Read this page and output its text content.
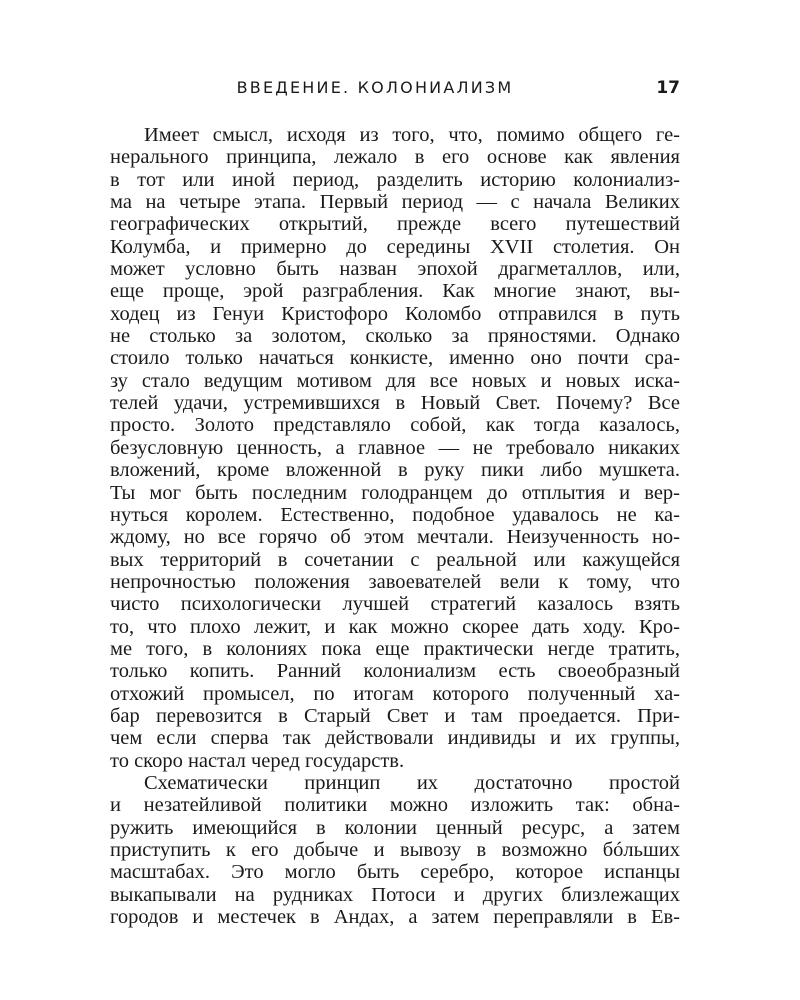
ВВЕДЕНИЕ. КОЛОНИАЛИЗМ	17
Имеет смысл, исходя из того, что, помимо общего ге-
нерального принципа, лежало в его основе как явления
в тот или иной период, разделить историю колониализ-
ма на четыре этапа. Первый период — с начала Великих
географических открытий, прежде всего путешествий
Колумба, и примерно до середины XVII столетия. Он
может условно быть назван эпохой драгметаллов, или,
еще проще, эрой разграбления. Как многие знают, вы-
ходец из Генуи Кристофоро Коломбо отправился в путь
не столько за золотом, сколько за пряностями. Однако
стоило только начаться конкисте, именно оно почти сра-
зу стало ведущим мотивом для все новых и новых иска-
телей удачи, устремившихся в Новый Свет. Почему? Все
просто. Золото представляло собой, как тогда казалось,
безусловную ценность, а главное — не требовало никаких
вложений, кроме вложенной в руку пики либо мушкета.
Ты мог быть последним голодранцем до отплытия и вер-
нуться королем. Естественно, подобное удавалось не ка-
ждому, но все горячо об этом мечтали. Неизученность но-
вых территорий в сочетании с реальной или кажущейся
непрочностью положения завоевателей вели к тому, что
чисто психологически лучшей стратегий казалось взять
то, что плохо лежит, и как можно скорее дать ходу. Кро-
ме того, в колониях пока еще практически негде тратить,
только копить. Ранний колониализм есть своеобразный
отхожий промысел, по итогам которого полученный ха-
бар перевозится в Старый Свет и там проедается. При-
чем если сперва так действовали индивиды и их группы,
то скоро настал черед государств.
Схематически принцип их достаточно простой
и незатейливой политики можно изложить так: обна-
ружить имеющийся в колонии ценный ресурс, а затем
приступить к его добыче и вывозу в возможно бóльших
масштабах. Это могло быть серебро, которое испанцы
выкапывали на рудниках Потоси и других близлежащих
городов и местечек в Андах, а затем переправляли в Ев-
